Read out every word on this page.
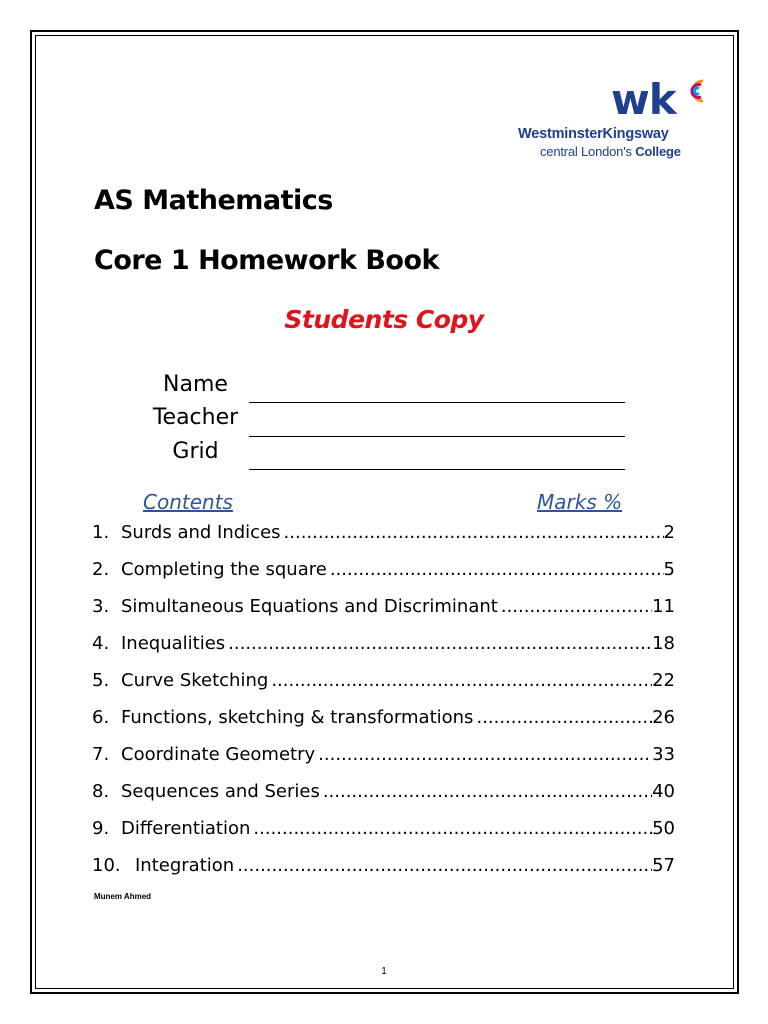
wk
WestminsterKingsway
central London's College
AS Mathematics
Core 1 Homework Book
Students Copy
Name
Teacher
Grid
Contents	Marks %
1. Surds and Indices .....	2
2. Completing the square .....	5
3. Simultaneous Equations and Discriminant .....	11
4. Inequalities .....	18
5. Curve Sketching .....	22
6. Functions, sketching & transformations .....	26
7. Coordinate Geometry .....	33
8. Sequences and Series .....	40
9. Differentiation .....	50
10. Integration .....	57
Munem Ahmed
1
